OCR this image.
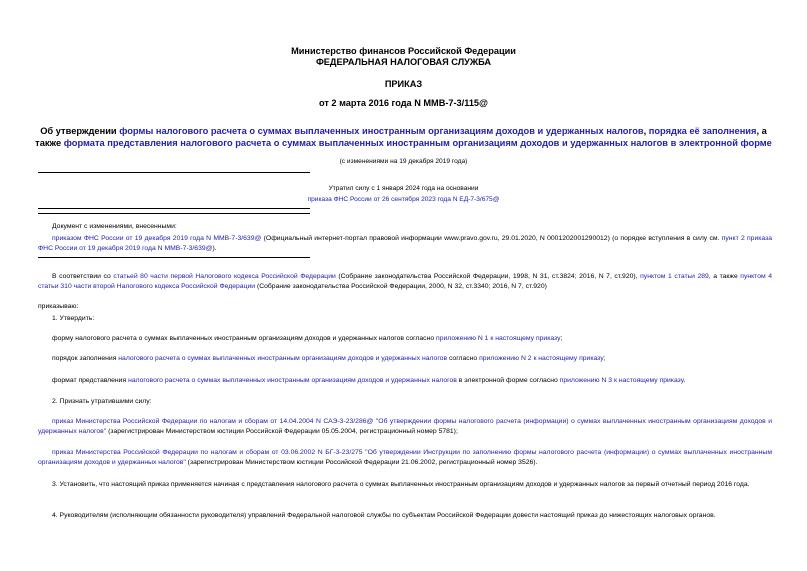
Министерство финансов Российской Федерации
ФЕДЕРАЛЬНАЯ НАЛОГОВАЯ СЛУЖБА
ПРИКАЗ
от 2 марта 2016 года N ММВ-7-3/115@
Об утверждении формы налогового расчета о суммах выплаченных иностранным организациям доходов и удержанных налогов, порядка её заполнения, а также формата представления налогового расчета о суммах выплаченных иностранным организациям доходов и удержанных налогов в электронной форме
(с изменениями на 19 декабря 2019 года)
Утратил силу с 1 января 2024 года на основании
приказа ФНС России от 26 сентября 2023 года N ЕД-7-3/675@
Документ с изменениями, внесенными:
приказом ФНС России от 19 декабря 2019 года N ММВ-7-3/639@ (Официальный интернет-портал правовой информации www.pravo.gov.ru, 29.01.2020, N 0001202001290012) (о порядке вступления в силу см. пункт 2 приказа ФНС России от 19 декабря 2019 года N ММВ-7-3/639@).
В соответствии со статьей 80 части первой Налогового кодекса Российской Федерации (Собрание законодательства Российской Федерации, 1998, N 31, ст.3824; 2016, N 7, ст.920), пунктом 1 статьи 289, а также пунктом 4 статьи 310 части второй Налогового кодекса Российской Федерации (Собрание законодательства Российской Федерации, 2000, N 32, ст.3340; 2016, N 7, ст.920)
приказываю:
1. Утвердить:
форму налогового расчета о суммах выплаченных иностранным организациям доходов и удержанных налогов согласно приложению N 1 к настоящему приказу;
порядок заполнения налогового расчета о суммах выплаченных иностранным организациям доходов и удержанных налогов согласно приложению N 2 к настоящему приказу;
формат представления налогового расчета о суммах выплаченных иностранным организациям доходов и удержанных налогов в электронной форме согласно приложению N 3 к настоящему приказу.
2. Признать утратившими силу:
приказ Министерства Российской Федерации по налогам и сборам от 14.04.2004 N САЭ-3-23/286@ "Об утверждении формы налогового расчета (информации) о суммах выплаченных иностранным организациям доходов и удержанных налогов" (зарегистрирован Министерством юстиции Российской Федерации 05.05.2004, регистрационный номер 5781);
приказ Министерства Российской Федерации по налогам и сборам от 03.06.2002 N БГ-3-23/275 "Об утверждении Инструкции по заполнению формы налогового расчета (информации) о суммах выплаченных иностранным организациям доходов и удержанных налогов" (зарегистрирован Министерством юстиции Российской Федерации 21.06.2002, регистрационный номер 3526).
3. Установить, что настоящий приказ применяется начиная с представления налогового расчета о суммах выплаченных иностранным организациям доходов и удержанных налогов за первый отчетный период 2016 года.
4. Руководителям (исполняющим обязанности руководителя) управлений Федеральной налоговой службы по субъектам Российской Федерации довести настоящий приказ до нижестоящих налоговых органов.
